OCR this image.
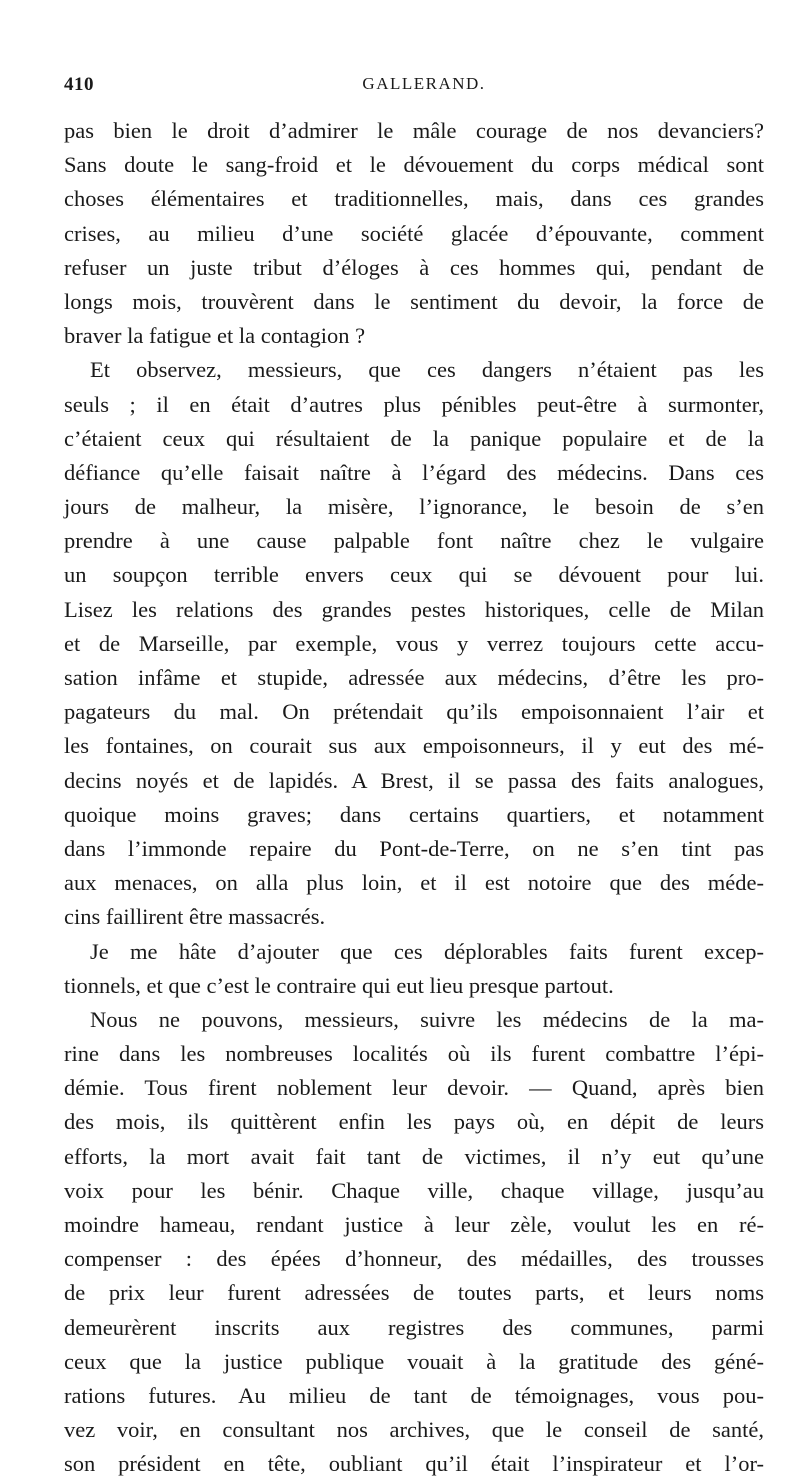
410	GALLERAND.
pas bien le droit d’admirer le mâle courage de nos devanciers?
Sans doute le sang-froid et le dévouement du corps médical sont
choses élémentaires et traditionnelles, mais, dans ces grandes
crises, au milieu d’une société glacée d’épouvante, comment
refuser un juste tribut d’éloges à ces hommes qui, pendant de
longs mois, trouvèrent dans le sentiment du devoir, la force de
braver la fatigue et la contagion ?
Et observez, messieurs, que ces dangers n’étaient pas les
seuls ; il en était d’autres plus pénibles peut-être à surmonter,
c’étaient ceux qui résultaient de la panique populaire et de la
défiance qu’elle faisait naître à l’égard des médecins. Dans ces
jours de malheur, la misère, l’ignorance, le besoin de s’en
prendre à une cause palpable font naître chez le vulgaire
un soupçon terrible envers ceux qui se dévouent pour lui.
Lisez les relations des grandes pestes historiques, celle de Milan
et de Marseille, par exemple, vous y verrez toujours cette accu-
sation infâme et stupide, adressée aux médecins, d’être les pro-
pagateurs du mal. On prétendait qu’ils empoisonnaient l’air et
les fontaines, on courait sus aux empoisonneurs, il y eut des mé-
decins noyés et de lapidés. A Brest, il se passa des faits analogues,
quoique moins graves; dans certains quartiers, et notamment
dans l’immonde repaire du Pont-de-Terre, on ne s’en tint pas
aux menaces, on alla plus loin, et il est notoire que des méde-
cins faillirent être massacrés.
Je me hâte d’ajouter que ces déplorables faits furent excep-
tionnels, et que c’est le contraire qui eut lieu presque partout.
Nous ne pouvons, messieurs, suivre les médecins de la ma-
rine dans les nombreuses localités où ils furent combattre l’épi-
démie. Tous firent noblement leur devoir. — Quand, après bien
des mois, ils quittèrent enfin les pays où, en dépit de leurs
efforts, la mort avait fait tant de victimes, il n’y eut qu’une
voix pour les bénir. Chaque ville, chaque village, jusqu’au
moindre hameau, rendant justice à leur zèle, voulut les en ré-
compenser : des épées d’honneur, des médailles, des trousses
de prix leur furent adressées de toutes parts, et leurs noms
demeurèrent inscrits aux registres des communes, parmi
ceux que la justice publique vouait à la gratitude des géné-
rations futures. Au milieu de tant de témoignages, vous pou-
vez voir, en consultant nos archives, que le conseil de santé,
son président en tête, oubliant qu’il était l’inspirateur et l’or-
